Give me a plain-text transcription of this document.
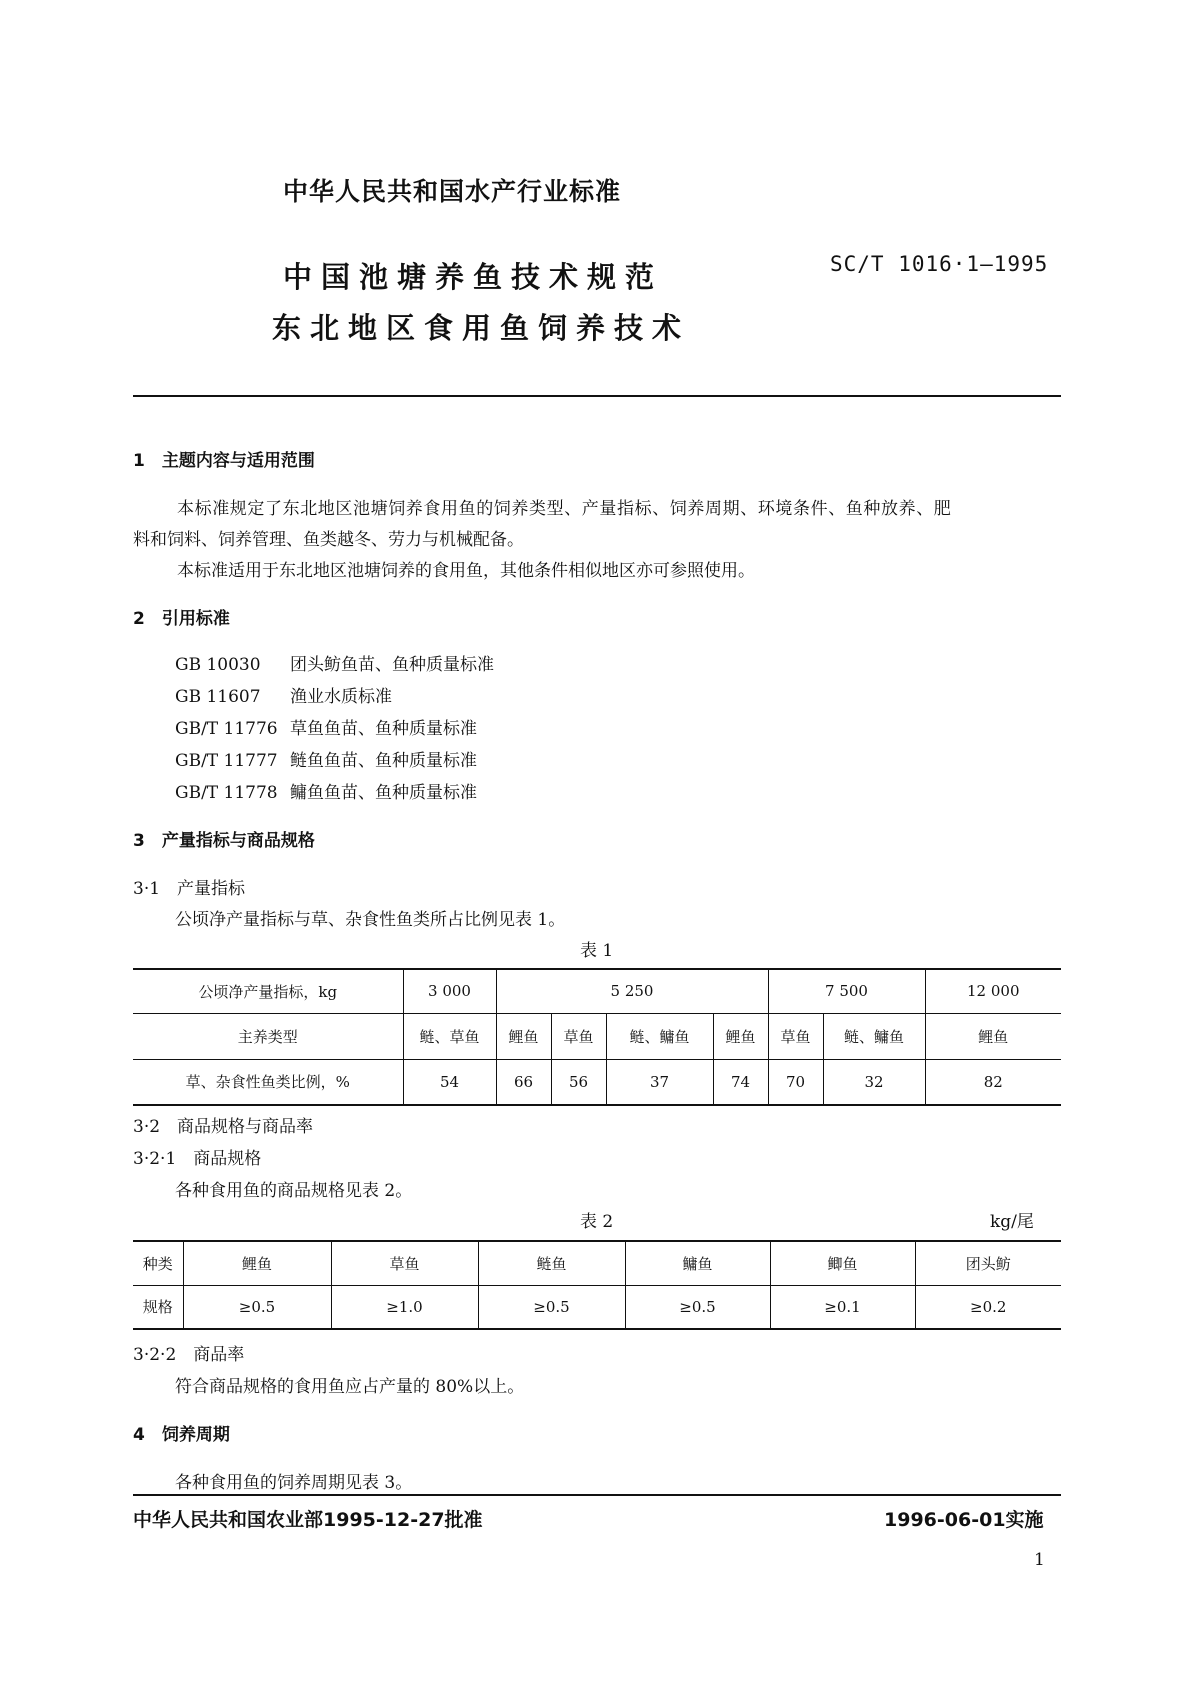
中华人民共和国水产行业标准
中国池塘养鱼技术规范
东北地区食用鱼饲养技术
SC/T 1016·1—1995
1　主题内容与适用范围
本标准规定了东北地区池塘饲养食用鱼的饲养类型、产量指标、饲养周期、环境条件、鱼种放养、肥
料和饲料、饲养管理、鱼类越冬、劳力与机械配备。
本标准适用于东北地区池塘饲养的食用鱼，其他条件相似地区亦可参照使用。
2　引用标准
GB 10030 团头鲂鱼苗、鱼种质量标准
GB 11607 渔业水质标准
GB/T 11776 草鱼鱼苗、鱼种质量标准
GB/T 11777 鲢鱼鱼苗、鱼种质量标准
GB/T 11778 鳙鱼鱼苗、鱼种质量标准
3　产量指标与商品规格
3·1　产量指标
公顷净产量指标与草、杂食性鱼类所占比例见表 1。
表 1
公顷净产量指标，kg	3 000	5 250				7 500		12 000
主养类型	鲢、草鱼	鲤鱼	草鱼	鲢、鳙鱼	鲤鱼	草鱼	鲢、鳙鱼	鲤鱼
草、杂食性鱼类比例，%	54	66	56	37	74	70	32	82
3·2　商品规格与商品率
3·2·1　商品规格
各种食用鱼的商品规格见表 2。
表 2	kg/尾
种类	鲤鱼	草鱼	鲢鱼	鳙鱼	鲫鱼	团头鲂
规格	≥0.5	≥1.0	≥0.5	≥0.5	≥0.1	≥0.2
3·2·2　商品率
符合商品规格的食用鱼应占产量的 80%以上。
4　饲养周期
各种食用鱼的饲养周期见表 3。
中华人民共和国农业部1995-12-27批准	1996-06-01实施
1
